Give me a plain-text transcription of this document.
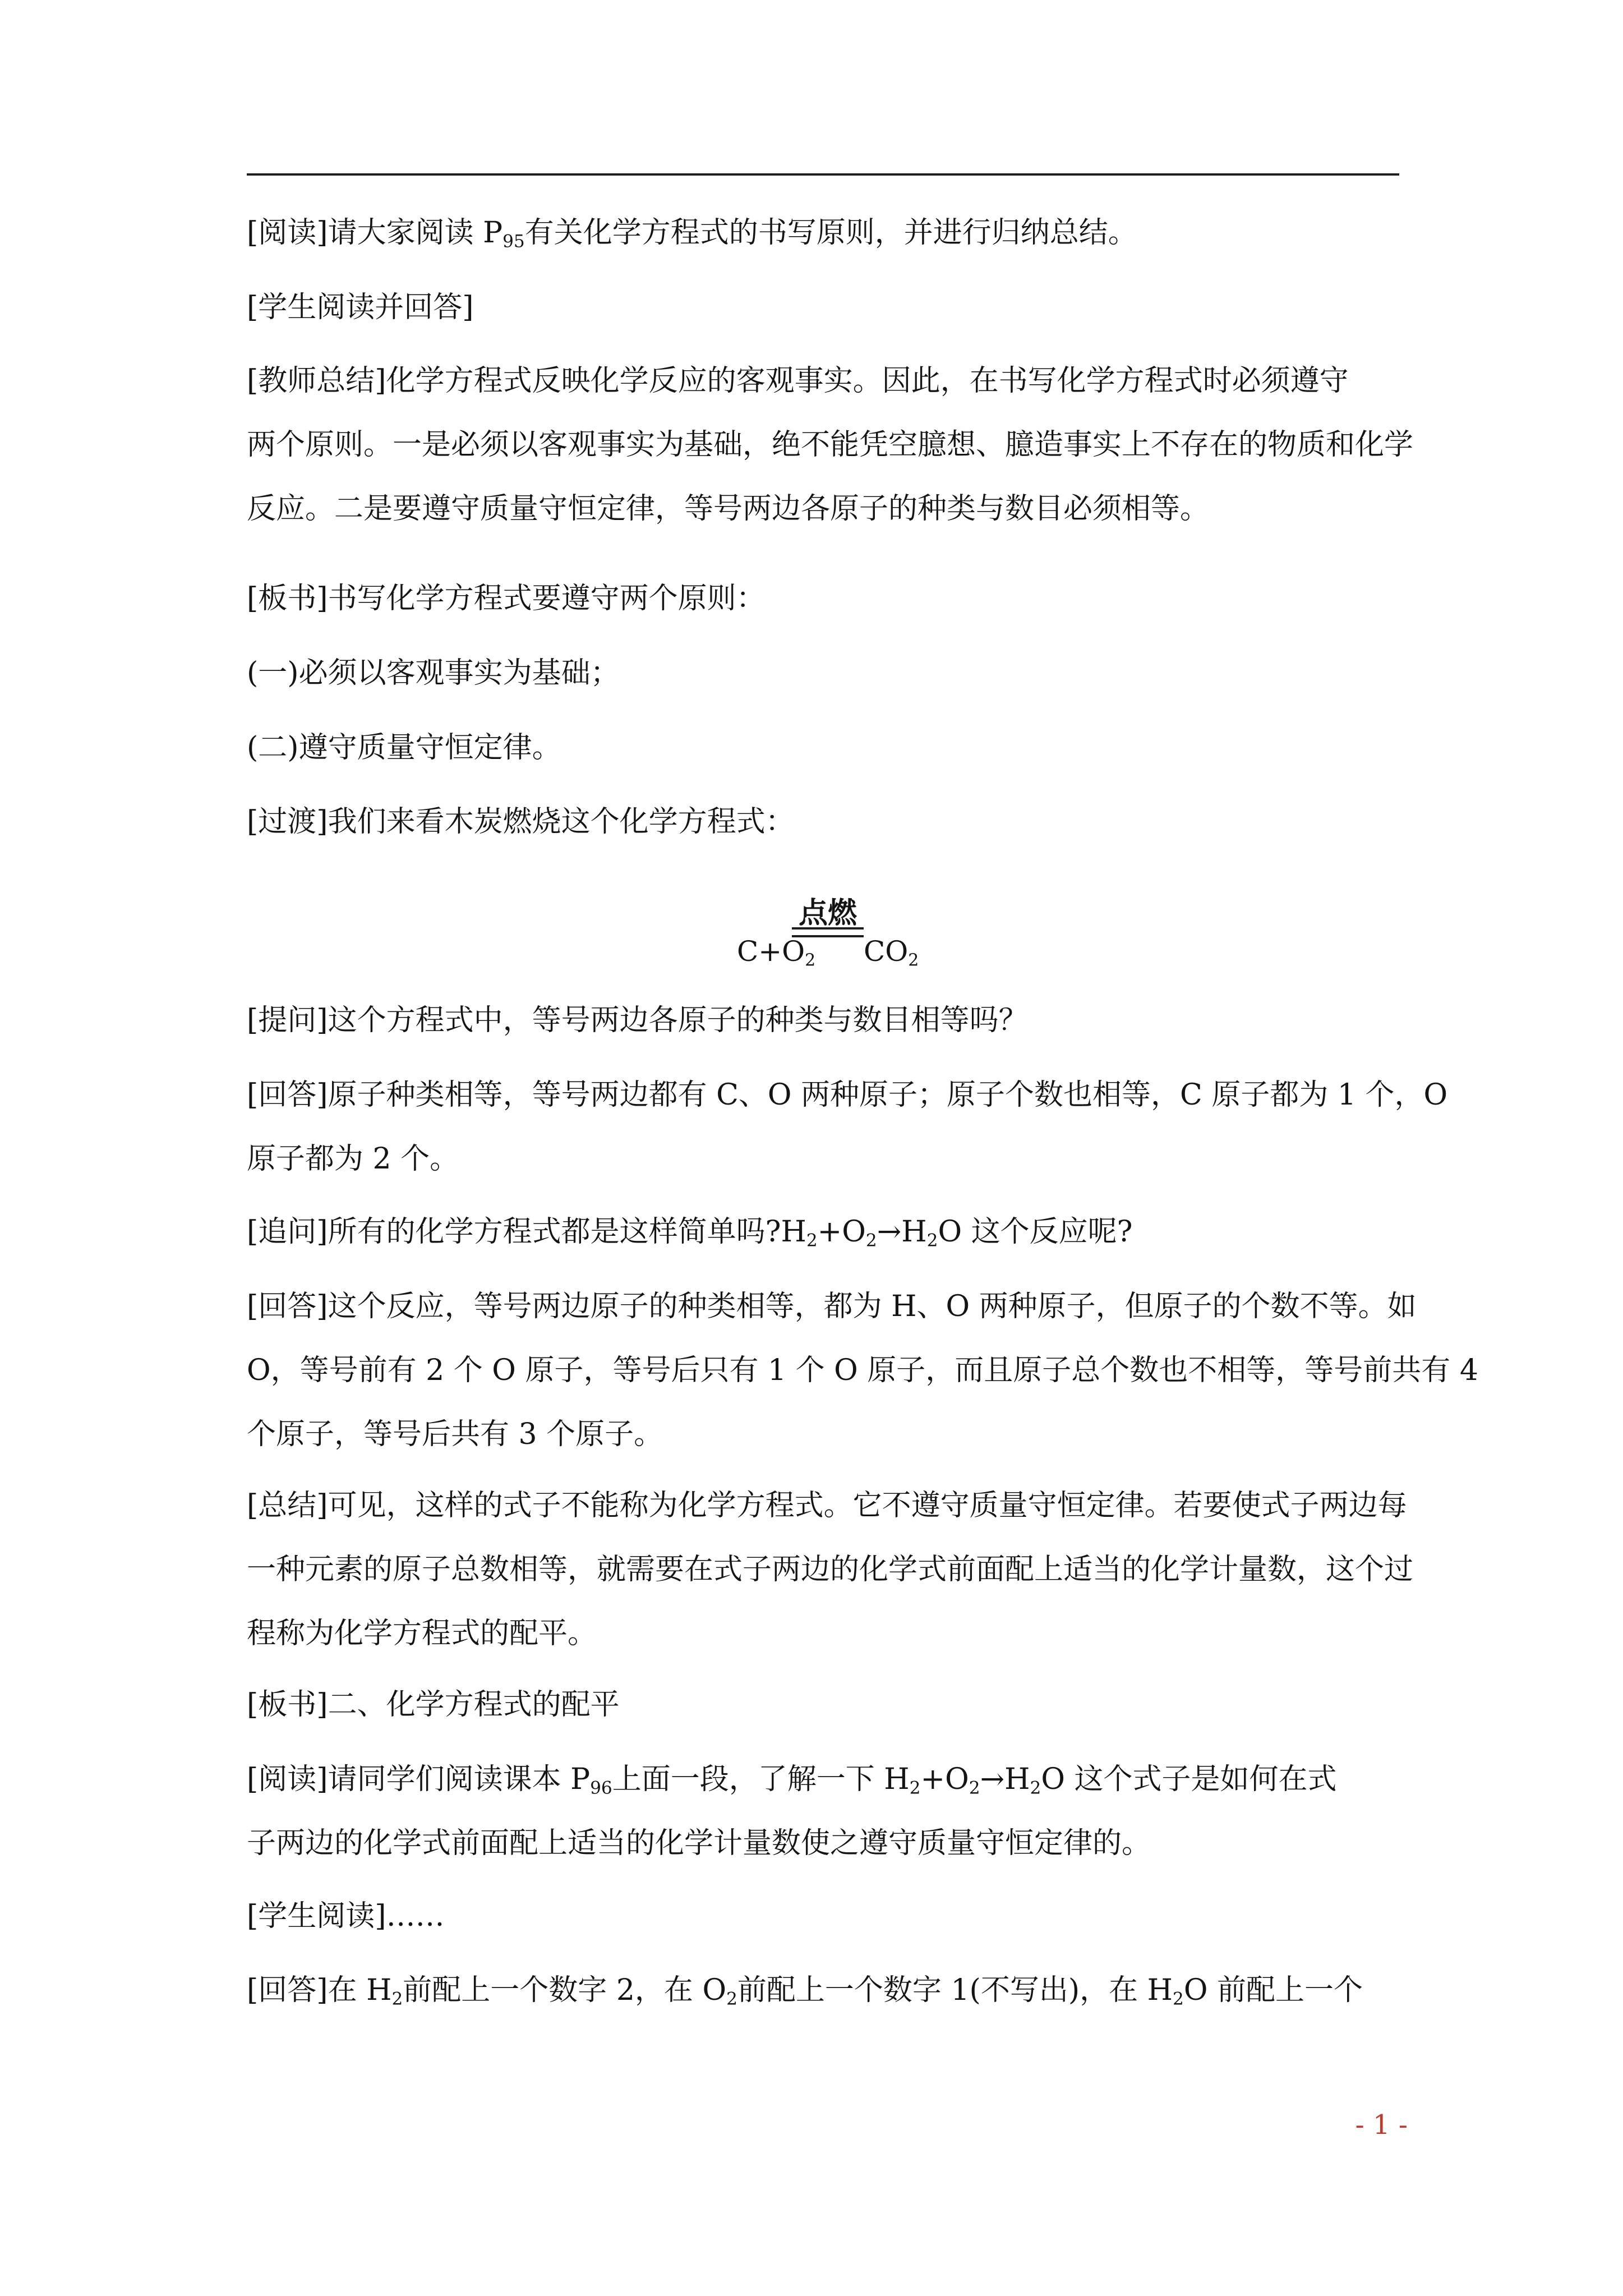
[阅读]请大家阅读 $P_{95}$有关化学方程式的书写原则，并进行归纳总结。
[学生阅读并回答]
[教师总结]化学方程式反映化学反应的客观事实。因此，在书写化学方程式时必须遵守
两个原则。一是必须以客观事实为基础，绝不能凭空臆想、臆造事实上不存在的物质和化学
反应。二是要遵守质量守恒定律，等号两边各原子的种类与数目必须相等。
[板书]书写化学方程式要遵守两个原则：
(一)必须以客观事实为基础；
(二)遵守质量守恒定律。
[过渡]我们来看木炭燃烧这个化学方程式：
$C+O_2$
点燃
$CO_2$
[提问]这个方程式中，等号两边各原子的种类与数目相等吗？
[回答]原子种类相等，等号两边都有 C、O 两种原子；原子个数也相等，C 原子都为 1 个，O
原子都为 2 个。
[追问]所有的化学方程式都是这样简单吗$?H_2+O_2\to H_2O$ 这个反应呢?
[回答]这个反应，等号两边原子的种类相等，都为 H、O 两种原子，但原子的个数不等。如
O，等号前有 2 个 O 原子，等号后只有 1 个 O 原子，而且原子总个数也不相等，等号前共有 4
个原子，等号后共有 3 个原子。
[总结]可见，这样的式子不能称为化学方程式。它不遵守质量守恒定律。若要使式子两边每
一种元素的原子总数相等，就需要在式子两边的化学式前面配上适当的化学计量数，这个过
程称为化学方程式的配平。
[板书]二、化学方程式的配平
[阅读]请同学们阅读课本 $P_{96}$上面一段，了解一下 $H_2+O_2\to H_2O$ 这个式子是如何在式
子两边的化学式前面配上适当的化学计量数使之遵守质量守恒定律的。
[学生阅读]……
[回答]在 $H_2$前配上一个数字 2，在 $O_2$前配上一个数字 1(不写出)，在 $H_2O$ 前配上一个
- 1 -
